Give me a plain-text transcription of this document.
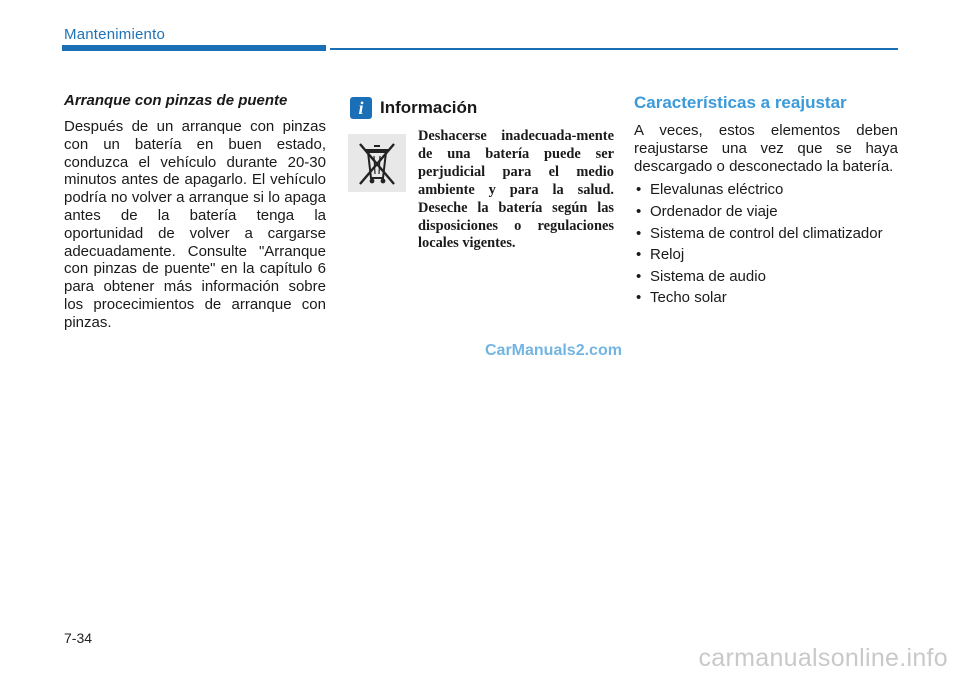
Mantenimiento

Arranque con pinzas de puente

Después de un arranque con pinzas con un batería en buen estado, conduzca el vehículo durante 20-30 minutos antes de apagarlo. El vehículo podría no volver a arranque si lo apaga antes de la batería tenga la oportunidad de volver a cargarse adecuadamente. Consulte "Arranque con pinzas de puente" en la capítulo 6 para obtener más información sobre los procecimientos de arranque con pinzas.

i Información

Deshacerse inadecuada-mente de una batería puede ser perjudicial para el medio ambiente y para la salud. Deseche la batería según las disposiciones o regulaciones locales vigentes.

Características a reajustar

A veces, estos elementos deben reajustarse una vez que se haya descargado o desconectado la batería.

• Elevalunas eléctrico
• Ordenador de viaje
• Sistema de control del climatizador
• Reloj
• Sistema de audio
• Techo solar
CarManuals2.com
7-34
carmanualsonline.info
